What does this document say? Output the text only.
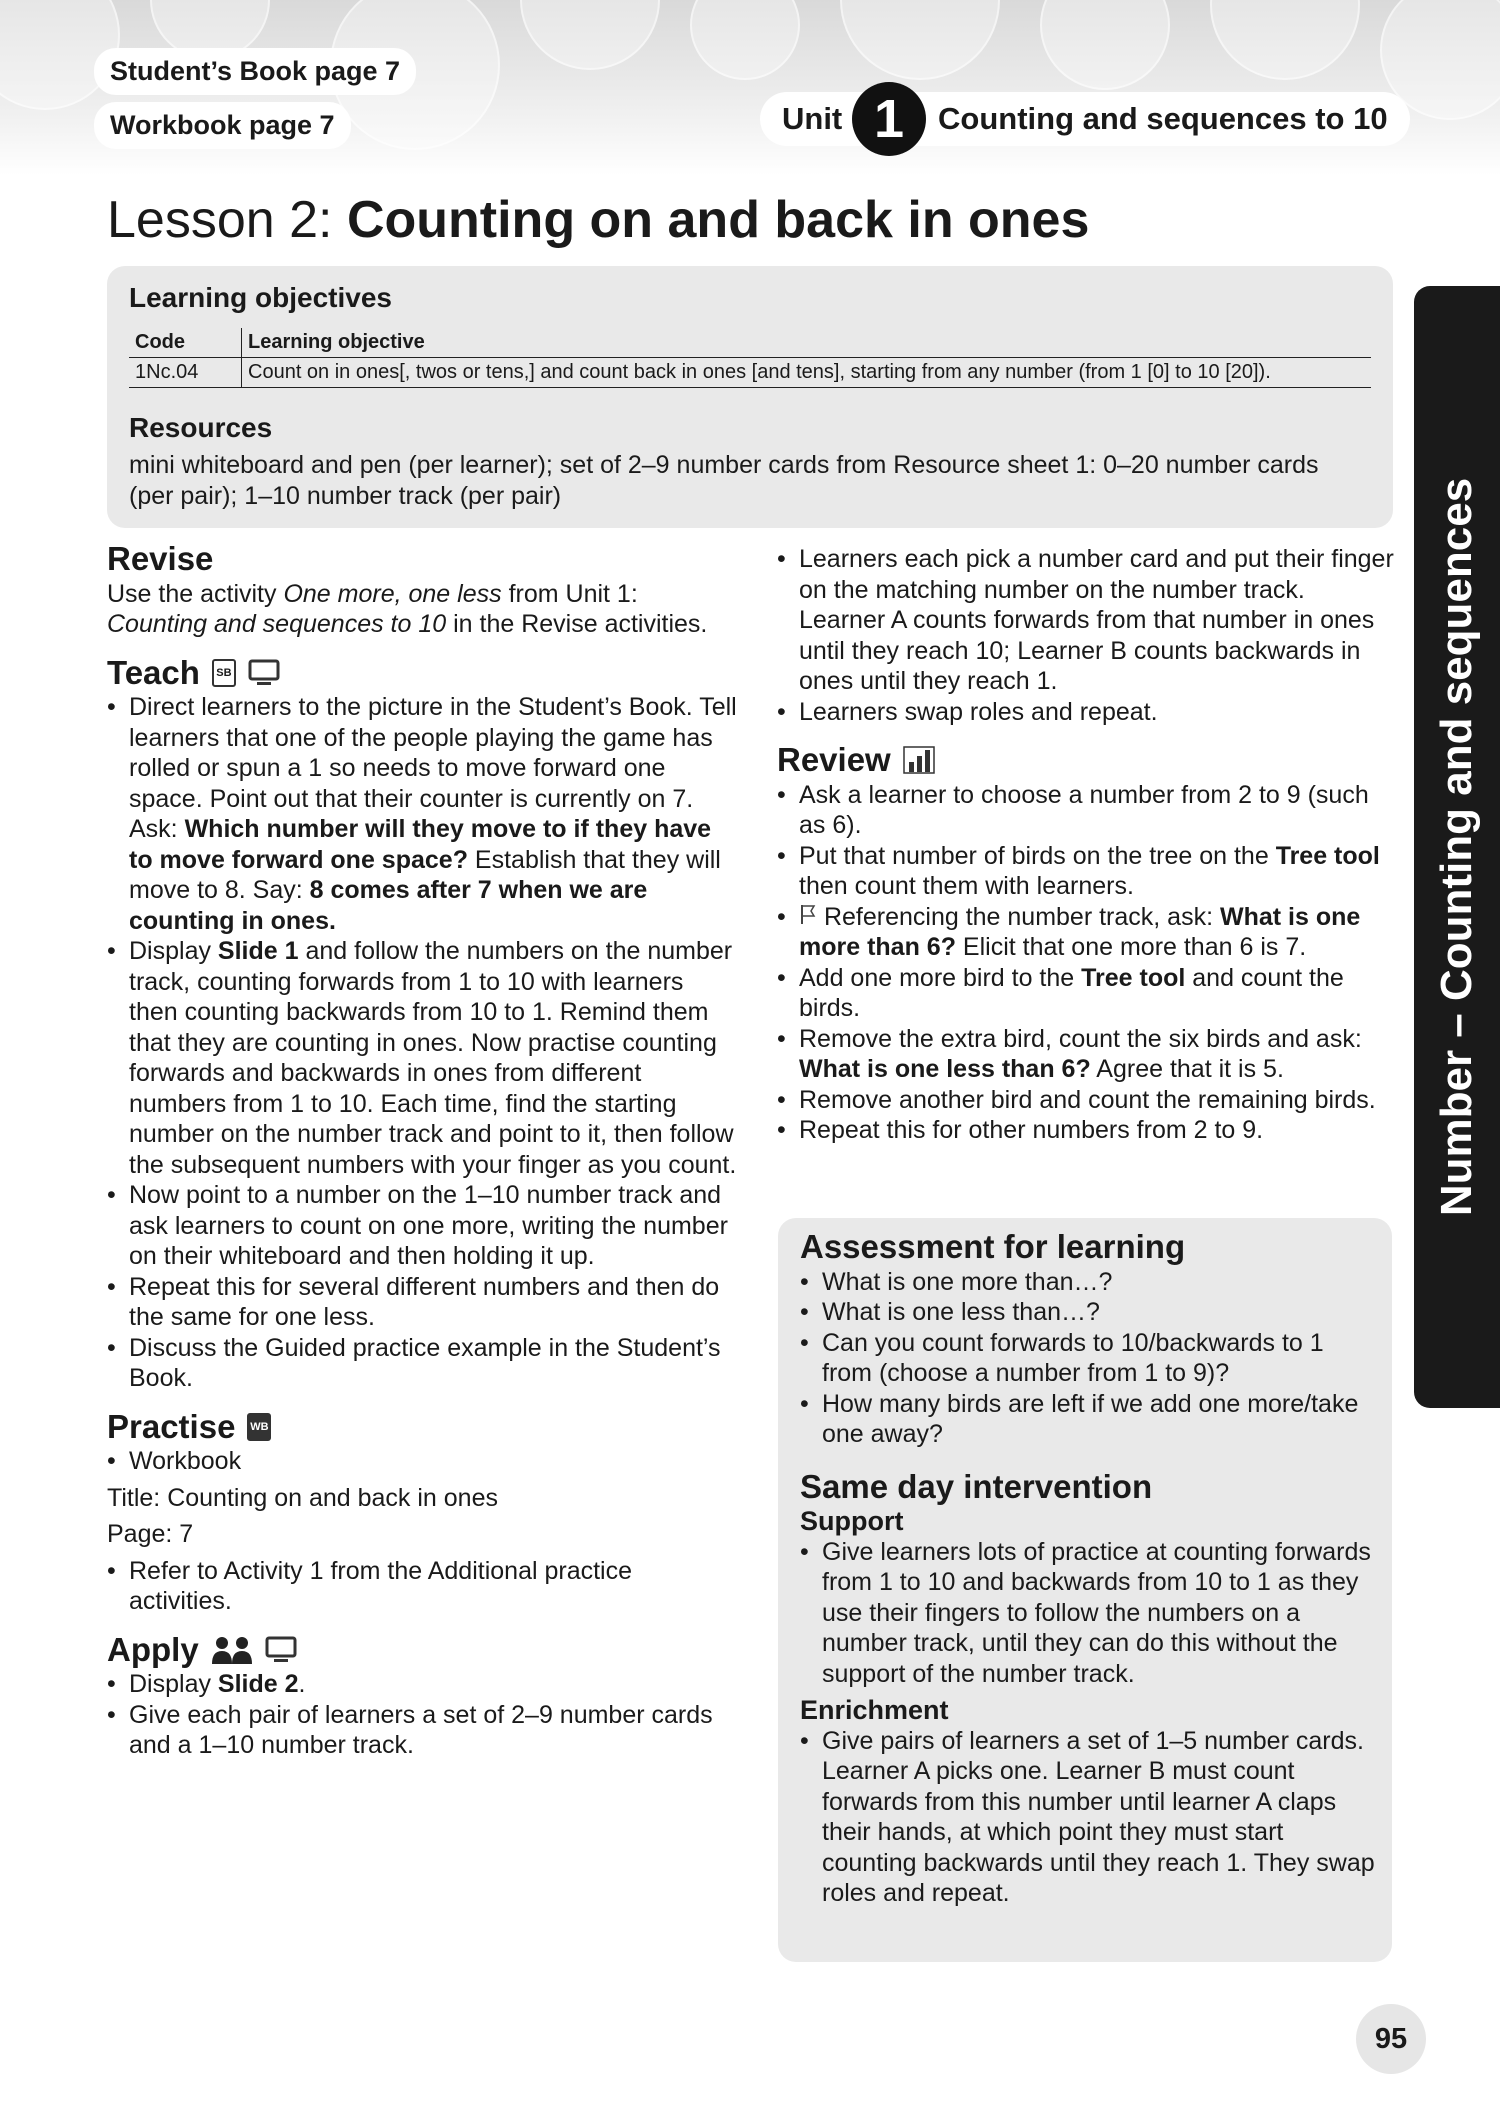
Student’s Book page 7
Workbook page 7	Unit 1	Counting and sequences to 10
Lesson 2: Counting on and back in ones
Learning objectives
Code	Learning objective
1Nc.04	Count on in ones[, twos or tens,] and count back in ones [and tens], starting from any number (from 1 [0] to 10 [20]).
Resources
mini whiteboard and pen (per learner); set of 2–9 number cards from Resource sheet 1: 0–20 number cards (per pair); 1–10 number track (per pair)
Revise

Use the activity One more, one less from Unit 1: Counting and sequences to 10 in the Revise activities.

Teach	SB
• Direct learners to the picture in the Student’s Book. Tell learners that one of the people playing the game has rolled or spun a 1 so needs to move forward one space. Point out that their counter is currently on 7. Ask: Which number will they move to if they have to move forward one space? Establish that they will move to 8. Say: 8 comes after 7 when we are counting in ones.
• Display Slide 1 and follow the numbers on the number track, counting forwards from 1 to 10 with learners then counting backwards from 10 to 1. Remind them that they are counting in ones. Now practise counting forwards and backwards in ones from different numbers from 1 to 10. Each time, find the starting number on the number track and point to it, then follow the subsequent numbers with your finger as you count.
• Now point to a number on the 1–10 number track and ask learners to count on one more, writing the number on their whiteboard and then holding it up.
• Repeat this for several different numbers and then do the same for one less.
• Discuss the Guided practice example in the Student’s Book.
Practise WB
• Workbook

Title: Counting on and back in ones

Page: 7

• Refer to Activity 1 from the Additional practice activities.
Apply
• Display Slide 2.
• Give each pair of learners a set of 2–9 number cards and a 1–10 number track.
• Learners each pick a number card and put their finger on the matching number on the number track. Learner A counts forwards from that number in ones until they reach 10; Learner B counts backwards in ones until they reach 1.
• Learners swap roles and repeat.
Review
• Ask a learner to choose a number from 2 to 9 (such as 6).
• Put that number of birds on the tree on the Tree tool then count them with learners.
• Referencing the number track, ask: What is one more than 6? Elicit that one more than 6 is 7.
• Add one more bird to the Tree tool and count the birds.
• Remove the extra bird, count the six birds and ask: What is one less than 6? Agree that it is 5.
• Remove another bird and count the remaining birds.
• Repeat this for other numbers from 2 to 9.
Assessment for learning
• What is one more than…?
• What is one less than…?
• Can you count forwards to 10/backwards to 1 from (choose a number from 1 to 9)?
• How many birds are left if we add one more/take one away?
Same day intervention
Support
• Give learners lots of practice at counting forwards from 1 to 10 and backwards from 10 to 1 as they use their fingers to follow the numbers on a number track, until they can do this without the support of the number track.
Enrichment
• Give pairs of learners a set of 1–5 number cards. Learner A picks one. Learner B must count forwards from this number until learner A claps their hands, at which point they must start counting backwards until they reach 1. They swap roles and repeat.
Number – Counting and sequences
95
